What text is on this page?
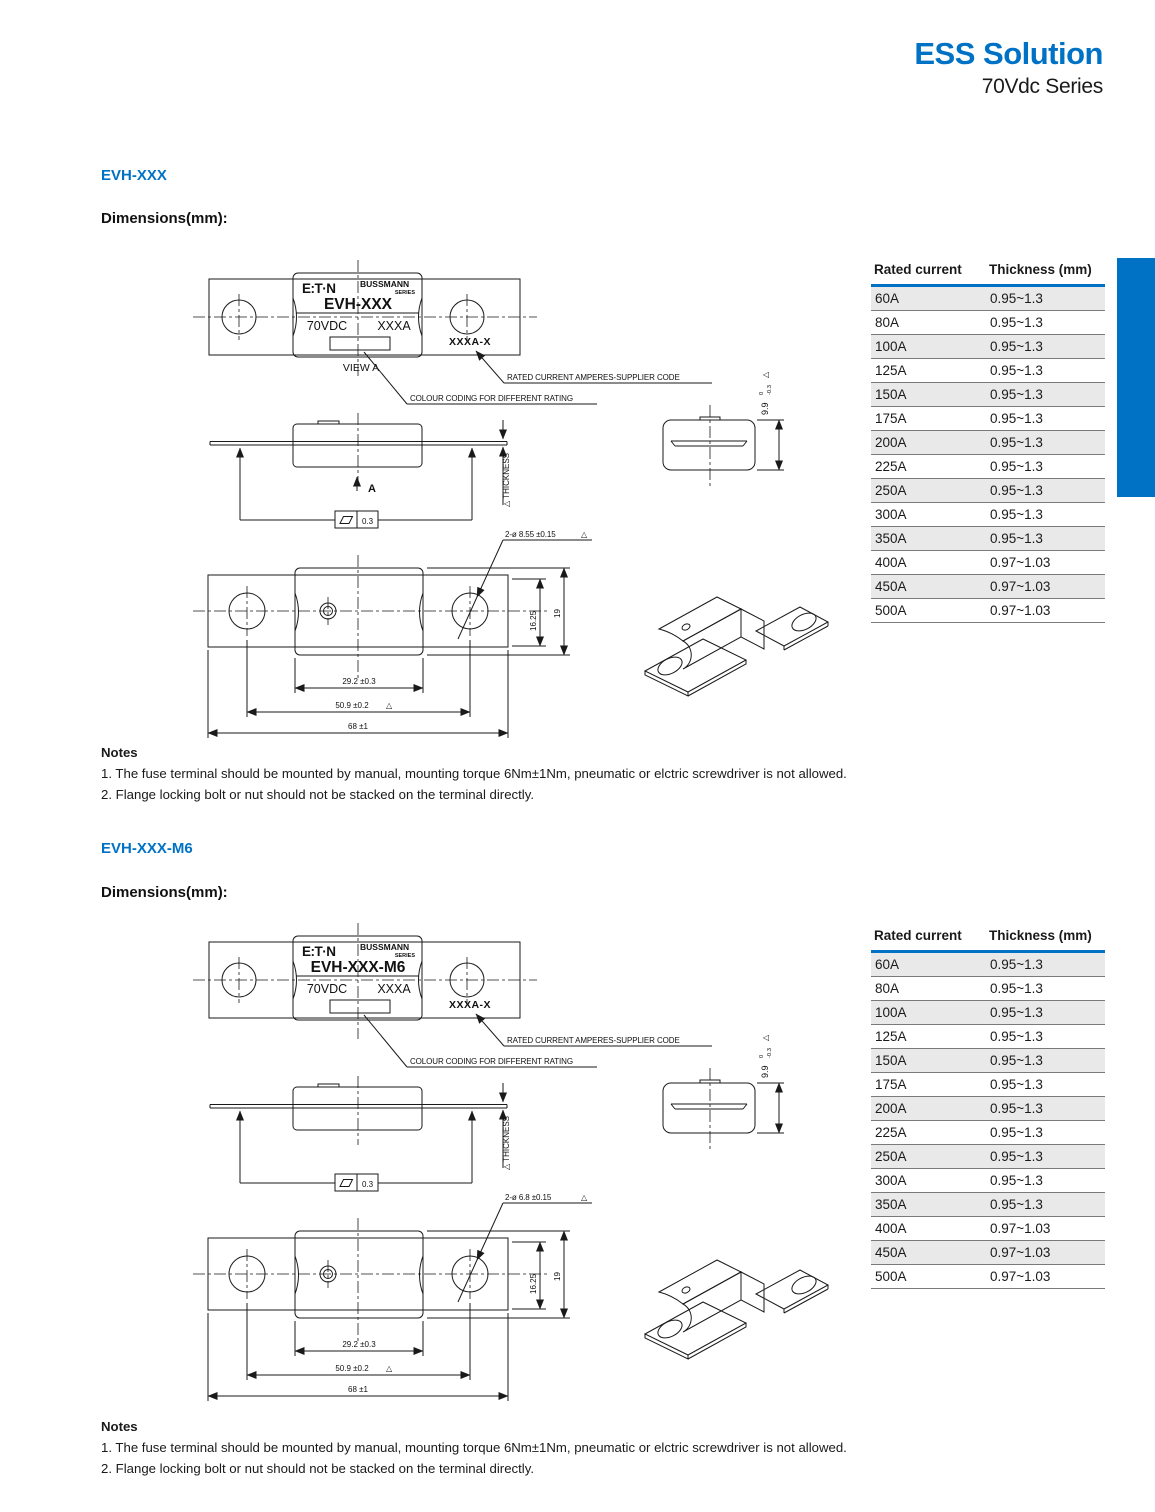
ESS Solution
70Vdc Series
EVH-XXX
Dimensions(mm):
E:T·N	BUSSMANN
SERIES
EVH-XXX
70VDC XXXA
XXXA-X
VIEW A
RATED CURRENT AMPERES-SUPPLIER CODE
COLOUR CODING FOR DIFFERENT RATING
0.3
A	△ THICKNESS
9.9
0 -0.3
△
2-ø 8.55 ±0.15	△
16.25 19
29.2 ±0.3
50.9 ±0.2 △
68 ±1
Rated current	Thickness (mm)
60A	0.95~1.3
80A	0.95~1.3
100A	0.95~1.3
125A	0.95~1.3
150A	0.95~1.3
175A	0.95~1.3
200A	0.95~1.3
225A	0.95~1.3
250A	0.95~1.3
300A	0.95~1.3
350A	0.95~1.3
400A	0.97~1.03
450A	0.97~1.03
500A	0.97~1.03
Notes
1. The fuse terminal should be mounted by manual, mounting torque 6Nm±1Nm, pneumatic or elctric screwdriver is not allowed.
2. Flange locking bolt or nut should not be stacked on the terminal directly.
EVH-XXX-M6
Dimensions(mm):
E:T·N	BUSSMANN
SERIES
EVH-XXX-M6
70VDC XXXA
XXXA-X
RATED CURRENT AMPERES-SUPPLIER CODE
COLOUR CODING FOR DIFFERENT RATING
0.3
△ THICKNESS
9.9
0 -0.3
△
2-ø 6.8 ±0.15	△
16.25 19
29.2 ±0.3
50.9 ±0.2 △
68 ±1
Rated current	Thickness (mm)
60A	0.95~1.3
80A	0.95~1.3
100A	0.95~1.3
125A	0.95~1.3
150A	0.95~1.3
175A	0.95~1.3
200A	0.95~1.3
225A	0.95~1.3
250A	0.95~1.3
300A	0.95~1.3
350A	0.95~1.3
400A	0.97~1.03
450A	0.97~1.03
500A	0.97~1.03
Notes
1. The fuse terminal should be mounted by manual, mounting torque 6Nm±1Nm, pneumatic or elctric screwdriver is not allowed.
2. Flange locking bolt or nut should not be stacked on the terminal directly.
